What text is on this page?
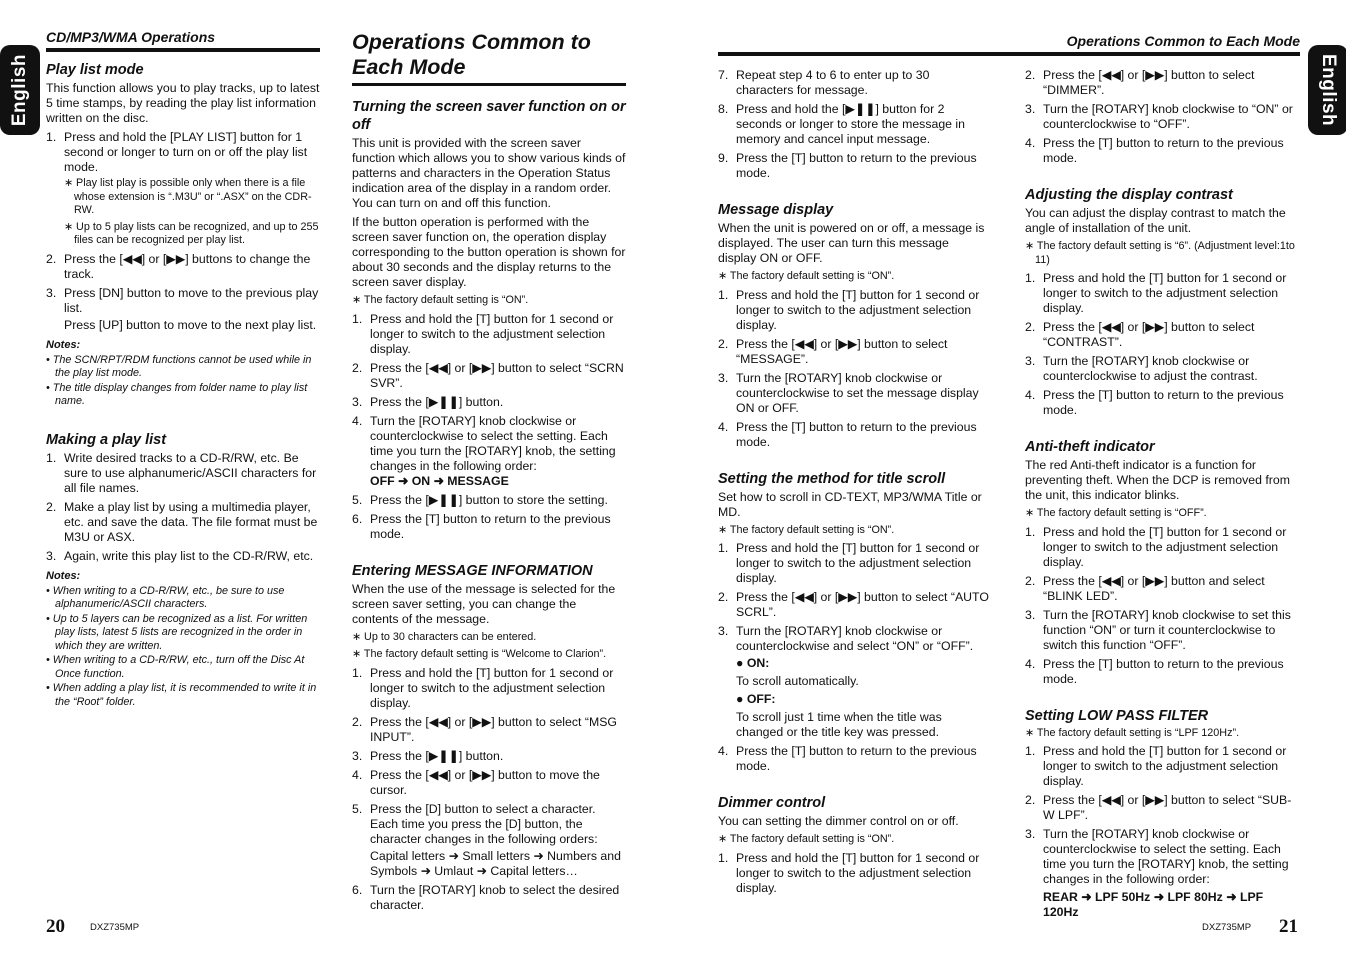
English	English
CD/MP3/WMA Operations
Play list mode

This function allows you to play tracks, up to latest 5 time stamps, by reading the play list information written on the disc.

1. Press and hold the [PLAY LIST] button for 1 second or longer to turn on or off the play list mode.
∗ Play list play is possible only when there is a file whose extension is “.M3U” or “.ASX” on the CDR-RW.
∗ Up to 5 play lists can be recognized, and up to 255 files can be recognized per play list.
2. Press the [◀◀] or [▶▶] buttons to change the track.
3. Press [DN] button to move to the previous play list.
Press [UP] button to move to the next play list.
Notes:
• The SCN/RPT/RDM functions cannot be used while in the play list mode.
• The title display changes from folder name to play list name.
Making a play list
1. Write desired tracks to a CD-R/RW, etc. Be sure to use alphanumeric/ASCII characters for all file names.
2. Make a play list by using a multimedia player, etc. and save the data. The file format must be M3U or ASX.
3. Again, write this play list to the CD-R/RW, etc.
Notes:
• When writing to a CD-R/RW, etc., be sure to use alphanumeric/ASCII characters.
• Up to 5 layers can be recognized as a list. For written play lists, latest 5 lists are recognized in the order in which they are written.
• When writing to a CD-R/RW, etc., turn off the Disc At Once function.
• When adding a play list, it is recommended to write it in the “Root” folder.
Operations Common to Each Mode
Turning the screen saver function on or off

This unit is provided with the screen saver function which allows you to show various kinds of patterns and characters in the Operation Status indication area of the display in a random order. You can turn on and off this function.

If the button operation is performed with the screen saver function on, the operation display corresponding to the button operation is shown for about 30 seconds and the display returns to the screen saver display.

∗ The factory default setting is “ON”.
1. Press and hold the [T] button for 1 second or longer to switch to the adjustment selection display.
2. Press the [◀◀] or [▶▶] button to select “SCRN SVR”.
3. Press the [▶❚❚] button.
4. Turn the [ROTARY] knob clockwise or counterclockwise to select the setting. Each time you turn the [ROTARY] knob, the setting changes in the following order:
OFF ➜ ON ➜ MESSAGE
5. Press the [▶❚❚] button to store the setting.
6. Press the [T] button to return to the previous mode.
Entering MESSAGE INFORMATION

When the use of the message is selected for the screen saver setting, you can change the contents of the message.

∗ Up to 30 characters can be entered.
∗ The factory default setting is “Welcome to Clarion”.
1. Press and hold the [T] button for 1 second or longer to switch to the adjustment selection display.
2. Press the [◀◀] or [▶▶] button to select “MSG INPUT”.
3. Press the [▶❚❚] button.
4. Press the [◀◀] or [▶▶] button to move the cursor.
5. Press the [D] button to select a character. Each time you press the [D] button, the character changes in the following orders:
Capital letters ➜ Small letters ➜ Numbers and Symbols ➜ Umlaut ➜ Capital letters…
6. Turn the [ROTARY] knob to select the desired character.
Operations Common to Each Mode
7. Repeat step 4 to 6 to enter up to 30 characters for message.
8. Press and hold the [▶❚❚] button for 2 seconds or longer to store the message in memory and cancel input message.
9. Press the [T] button to return to the previous mode.
Message display

When the unit is powered on or off, a message is displayed. The user can turn this message display ON or OFF.

∗ The factory default setting is “ON”.
1. Press and hold the [T] button for 1 second or longer to switch to the adjustment selection display.
2. Press the [◀◀] or [▶▶] button to select “MESSAGE”.
3. Turn the [ROTARY] knob clockwise or counterclockwise to set the message display ON or OFF.
4. Press the [T] button to return to the previous mode.
Setting the method for title scroll

Set how to scroll in CD-TEXT, MP3/WMA Title or MD.

∗ The factory default setting is “ON”.
1. Press and hold the [T] button for 1 second or longer to switch to the adjustment selection display.
2. Press the [◀◀] or [▶▶] button to select “AUTO SCRL”.
3. Turn the [ROTARY] knob clockwise or counterclockwise and select “ON” or “OFF”.
● ON:
To scroll automatically.
● OFF:
To scroll just 1 time when the title was changed or the title key was pressed.
4. Press the [T] button to return to the previous mode.
Dimmer control

You can setting the dimmer control on or off.

∗ The factory default setting is “ON”.
1. Press and hold the [T] button for 1 second or longer to switch to the adjustment selection display.
2. Press the [◀◀] or [▶▶] button to select “DIMMER”.
3. Turn the [ROTARY] knob clockwise to “ON” or counterclockwise to “OFF”.
4. Press the [T] button to return to the previous mode.
Adjusting the display contrast

You can adjust the display contrast to match the angle of installation of the unit.

∗ The factory default setting is “6”. (Adjustment level:1to 11)
1. Press and hold the [T] button for 1 second or longer to switch to the adjustment selection display.
2. Press the [◀◀] or [▶▶] button to select “CONTRAST”.
3. Turn the [ROTARY] knob clockwise or counterclockwise to adjust the contrast.
4. Press the [T] button to return to the previous mode.
Anti-theft indicator

The red Anti-theft indicator is a function for preventing theft. When the DCP is removed from the unit, this indicator blinks.

∗ The factory default setting is “OFF”.
1. Press and hold the [T] button for 1 second or longer to switch to the adjustment selection display.
2. Press the [◀◀] or [▶▶] button and select “BLINK LED”.
3. Turn the [ROTARY] knob clockwise to set this function “ON” or turn it counterclockwise to switch this function “OFF”.
4. Press the [T] button to return to the previous mode.
Setting LOW PASS FILTER
∗ The factory default setting is “LPF 120Hz”.
1. Press and hold the [T] button for 1 second or longer to switch to the adjustment selection display.
2. Press the [◀◀] or [▶▶] button to select “SUB-W LPF”.
3. Turn the [ROTARY] knob clockwise or counterclockwise to select the setting. Each time you turn the [ROTARY] knob, the setting changes in the following order:
REAR ➜ LPF 50Hz ➜ LPF 80Hz ➜ LPF 120Hz
20	DXZ735MP	DXZ735MP 21
